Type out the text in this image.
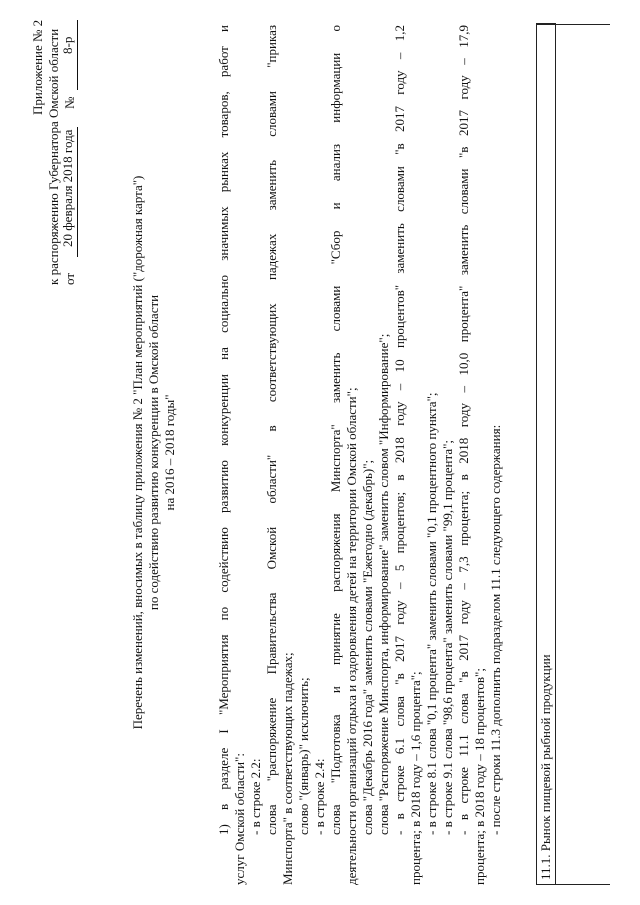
Приложение № 2 к распоряжению Губернатора Омской области от
20 февраля 2018 года
№
8-р
Перечень изменений, вносимых в таблицу приложения № 2 "План мероприятий ("дорожная карта") по содействию развитию конкуренции в Омской области на 2016 – 2018 годы"	1) в разделе I "Мероприятия по содействию развитию конкуренции на социально значимых рынках товаров, работ и услуг Омской области": - в строке 2.2: слова "распоряжение Правительства Омской области" в соответствующих падежах заменить словами "приказ Минспорта" в соответствующих падежах; слово "(январь)" исключить; - в строке 2.4: слова "Подготовка и принятие распоряжения Минспорта" заменить словами "Сбор и анализ информации о деятельности организаций отдыха и оздоровления детей на территории Омской области"; слова "Декабрь 2016 года" заменить словами "Ежегодно (декабрь)"; слова "Распоряжение Минспорта, информирование" заменить словом "Информирование"; - в строке 6.1 слова "в 2017 году – 5 процентов; в 2018 году – 10 процентов" заменить словами "в 2017 году – 1,2 процента; в 2018 году – 1,6 процента"; - в строке 8.1 слова "0,1 процента" заменить словами "0,1 процентного пункта"; - в строке 9.1 слова "98,6 процента" заменить словами "99,1 процента"; - в строке 11.1 слова "в 2017 году – 7,3 процента; в 2018 году – 10,0 процента" заменить словами "в 2017 году – 17,9 процента; в 2018 году – 18 процентов"; - после строки 11.3 дополнить подразделом 11.1 следующего содержания:	11.1. Рынок пищевой рыбной продукции
